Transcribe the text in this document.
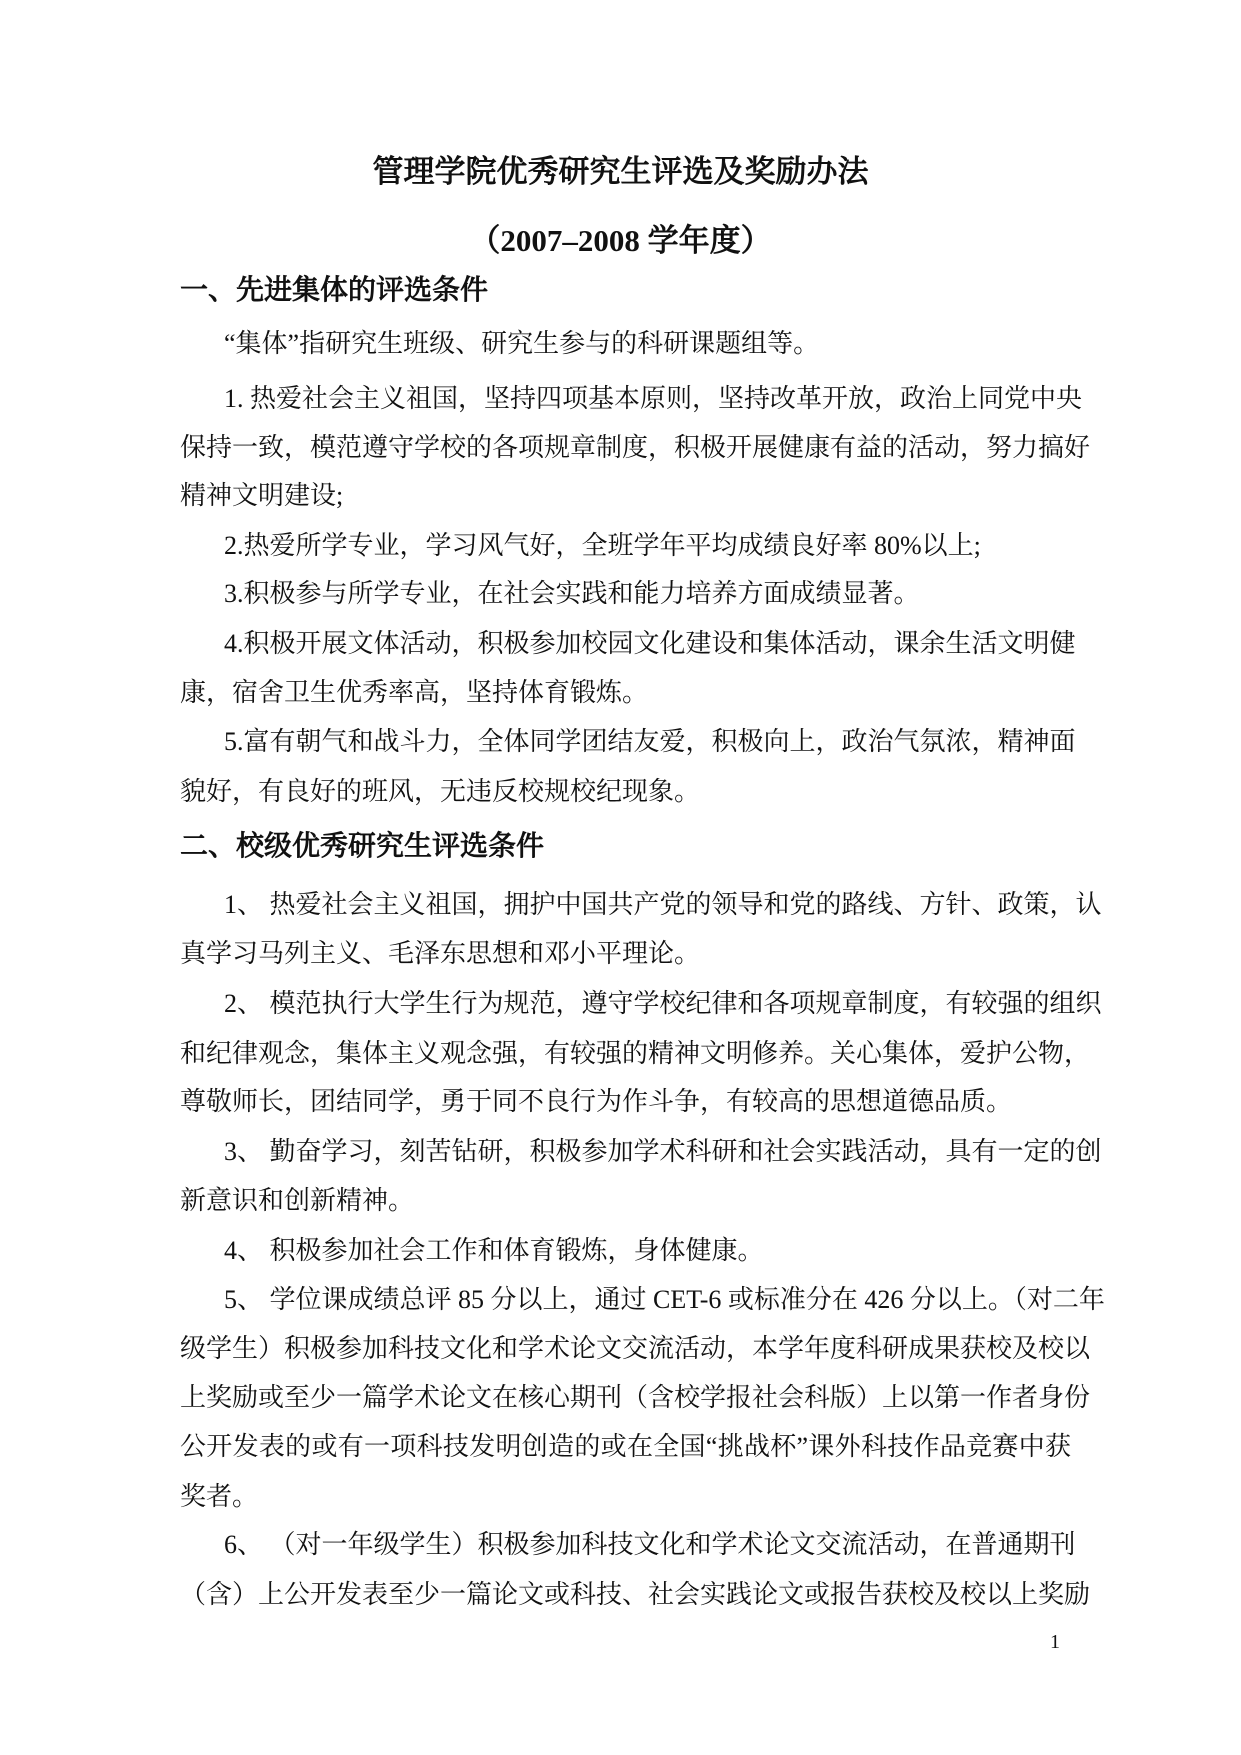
管理学院优秀研究生评选及奖励办法
（2007–2008 学年度）
一、先进集体的评选条件
“集体”指研究生班级、研究生参与的科研课题组等。
1. 热爱社会主义祖国，坚持四项基本原则，坚持改革开放，政治上同党中央
保持一致，模范遵守学校的各项规章制度，积极开展健康有益的活动，努力搞好
精神文明建设;
2.热爱所学专业，学习风气好，全班学年平均成绩良好率 80%以上;
3.积极参与所学专业，在社会实践和能力培养方面成绩显著。
4.积极开展文体活动，积极参加校园文化建设和集体活动，课余生活文明健
康，宿舍卫生优秀率高，坚持体育锻炼。
5.富有朝气和战斗力，全体同学团结友爱，积极向上，政治气氛浓，精神面
貌好，有良好的班风，无违反校规校纪现象。
二、校级优秀研究生评选条件
1、 热爱社会主义祖国，拥护中国共产党的领导和党的路线、方针、政策，认
真学习马列主义、毛泽东思想和邓小平理论。
2、 模范执行大学生行为规范，遵守学校纪律和各项规章制度，有较强的组织
和纪律观念，集体主义观念强，有较强的精神文明修养。关心集体，爱护公物，
尊敬师长，团结同学，勇于同不良行为作斗争，有较高的思想道德品质。
3、 勤奋学习，刻苦钻研，积极参加学术科研和社会实践活动，具有一定的创
新意识和创新精神。
4、 积极参加社会工作和体育锻炼，身体健康。
5、 学位课成绩总评 85 分以上，通过 CET-6 或标准分在 426 分以上。（对二年
级学生）积极参加科技文化和学术论文交流活动，本学年度科研成果获校及校以
上奖励或至少一篇学术论文在核心期刊（含校学报社会科版）上以第一作者身份
公开发表的或有一项科技发明创造的或在全国“挑战杯”课外科技作品竞赛中获
奖者。
6、 （对一年级学生）积极参加科技文化和学术论文交流活动，在普通期刊
（含）上公开发表至少一篇论文或科技、社会实践论文或报告获校及校以上奖励
1
